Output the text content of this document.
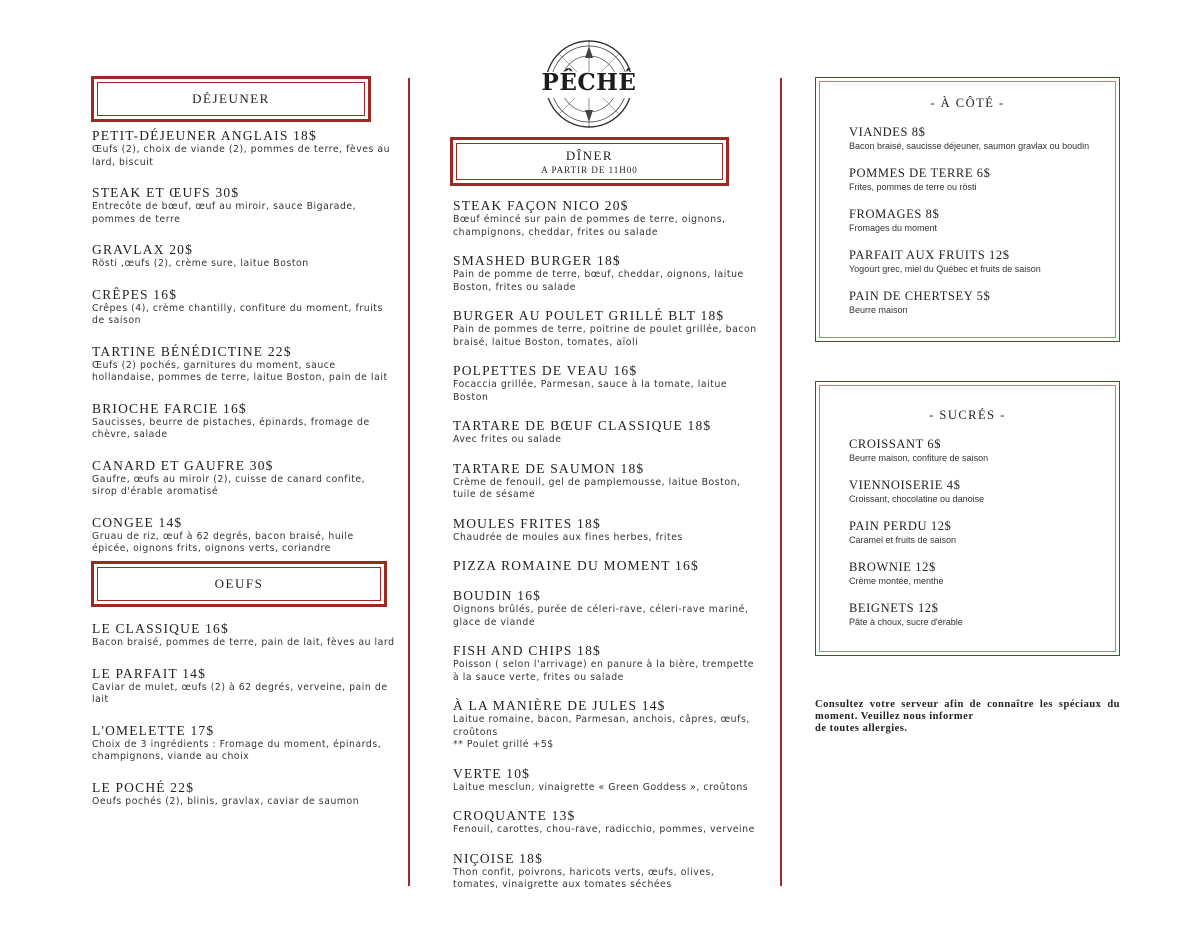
PÊCHÉ
DÉJEUNER
PETIT-DÉJEUNER ANGLAIS 18$
Œufs (2), choix de viande (2), pommes de terre, fèves au lard, biscuit
STEAK ET ŒUFS 30$
Entrecôte de bœuf, œuf au miroir, sauce Bigarade, pommes de terre
GRAVLAX 20$
Rösti ,œufs (2), crème sure, laitue Boston
CRÊPES 16$
Crêpes (4), crème chantilly, confiture du moment, fruits de saison
TARTINE BÉNÉDICTINE 22$
Œufs (2) pochés, garnitures du moment, sauce hollandaise, pommes de terre, laitue Boston, pain de lait
BRIOCHE FARCIE 16$
Saucisses, beurre de pistaches, épinards, fromage de chèvre, salade
CANARD ET GAUFRE 30$
Gaufre, œufs au miroir (2), cuisse de canard confite, sirop d'érable aromatisé
CONGEE 14$
Gruau de riz, œuf à 62 degrés, bacon braisé, huile épicée, oignons frits, oignons verts, coriandre
OEUFS
LE CLASSIQUE 16$
Bacon braisé, pommes de terre, pain de lait, fèves au lard
LE PARFAIT 14$
Caviar de mulet, œufs (2) à 62 degrés, verveine, pain de lait
L'OMELETTE 17$
Choix de 3 ingrédients : Fromage du moment, épinards, champignons, viande au choix
LE POCHÉ 22$
Oeufs pochés (2), blinis, gravlax, caviar de saumon
DÎNER
A PARTIR DE 11H00
STEAK FAÇON NICO 20$
Bœuf émincé sur pain de pommes de terre, oignons, champignons, cheddar, frites ou salade
SMASHED BURGER 18$
Pain de pomme de terre, bœuf, cheddar, oignons, laitue Boston, frites ou salade
BURGER AU POULET GRILLÉ BLT 18$
Pain de pommes de terre, poitrine de poulet grillée, bacon braisé, laitue Boston, tomates, aïoli
POLPETTES DE VEAU 16$
Focaccia grillée, Parmesan, sauce à la tomate, laitue Boston
TARTARE DE BŒUF CLASSIQUE 18$
Avec frites ou salade
TARTARE DE SAUMON 18$
Crème de fenouil, gel de pamplemousse, laitue Boston, tuile de sésame
MOULES FRITES 18$
Chaudrée de moules aux fines herbes, frites
PIZZA ROMAINE DU MOMENT 16$
BOUDIN 16$
Oignons brûlés, purée de céleri-rave, céleri-rave mariné, glace de viande
FISH AND CHIPS 18$
Poisson ( selon l'arrivage) en panure à la bière, trempette à la sauce verte, frites ou salade
À LA MANIÈRE DE JULES 14$
Laitue romaine, bacon, Parmesan, anchois, câpres, œufs, croûtons
** Poulet grillé +5$
VERTE 10$
Laitue mesclun, vinaigrette « Green Goddess », croûtons
CROQUANTE 13$
Fenouil, carottes, chou-rave, radicchio, pommes, verveine
NIÇOISE 18$
Thon confit, poivrons, haricots verts, œufs, olives, tomates, vinaigrette aux tomates séchées
- À CÔTÉ -
VIANDES 8$
Bacon braisé, saucisse déjeuner, saumon gravlax ou boudin
POMMES DE TERRE 6$
Frites, pommes de terre ou rösti
FROMAGES 8$
Fromages du moment
PARFAIT AUX FRUITS 12$
Yogourt grec, miel du Québec et fruits de saison
PAIN DE CHERTSEY 5$
Beurre maison
- SUCRÉS -
CROISSANT 6$
Beurre maison, confiture de saison
VIENNOISERIE 4$
Croissant, chocolatine ou danoise
PAIN PERDU 12$
Caramel et fruits de saison
BROWNIE 12$
Crème montée, menthe
BEIGNETS 12$
Pâte à choux, sucre d'érable
Consultez votre serveur afin de connaître les spéciaux du moment. Veuillez nous informer
de toutes allergies.
